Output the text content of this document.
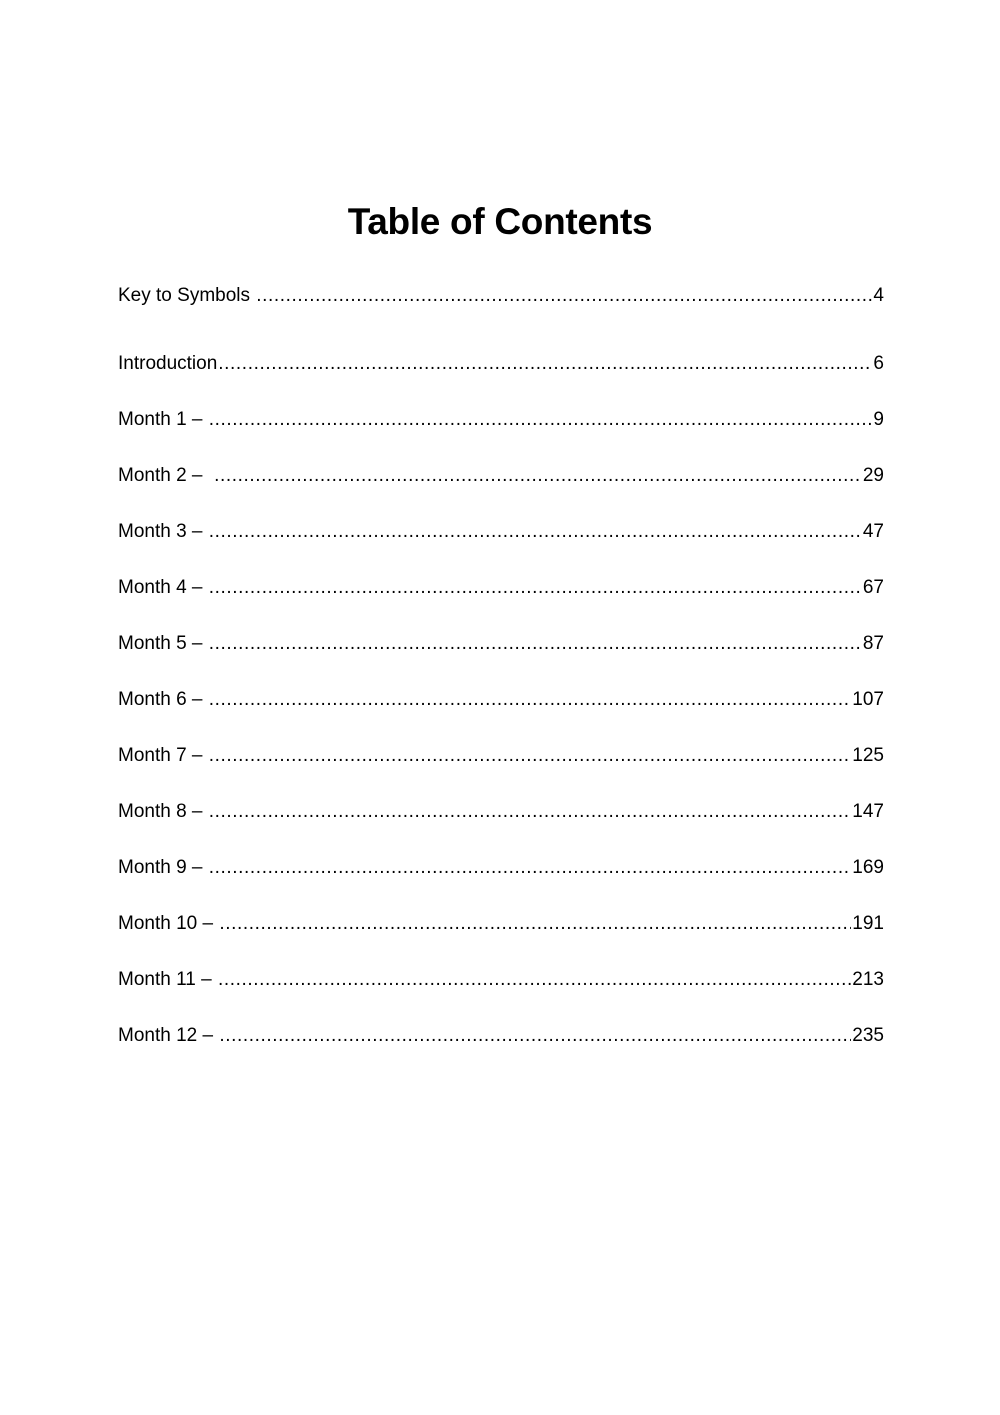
Table of Contents
Key to Symbols .....	4
Introduction .....	6
Month 1 – .....	9
Month 2 – .....	29
Month 3 – .....	47
Month 4 – .....	67
Month 5 – .....	87
Month 6 – .....	107
Month 7 – .....	125
Month 8 – .....	147
Month 9 – .....	169
Month 10 – .....	191
Month 11 – .....	213
Month 12 – .....	235
